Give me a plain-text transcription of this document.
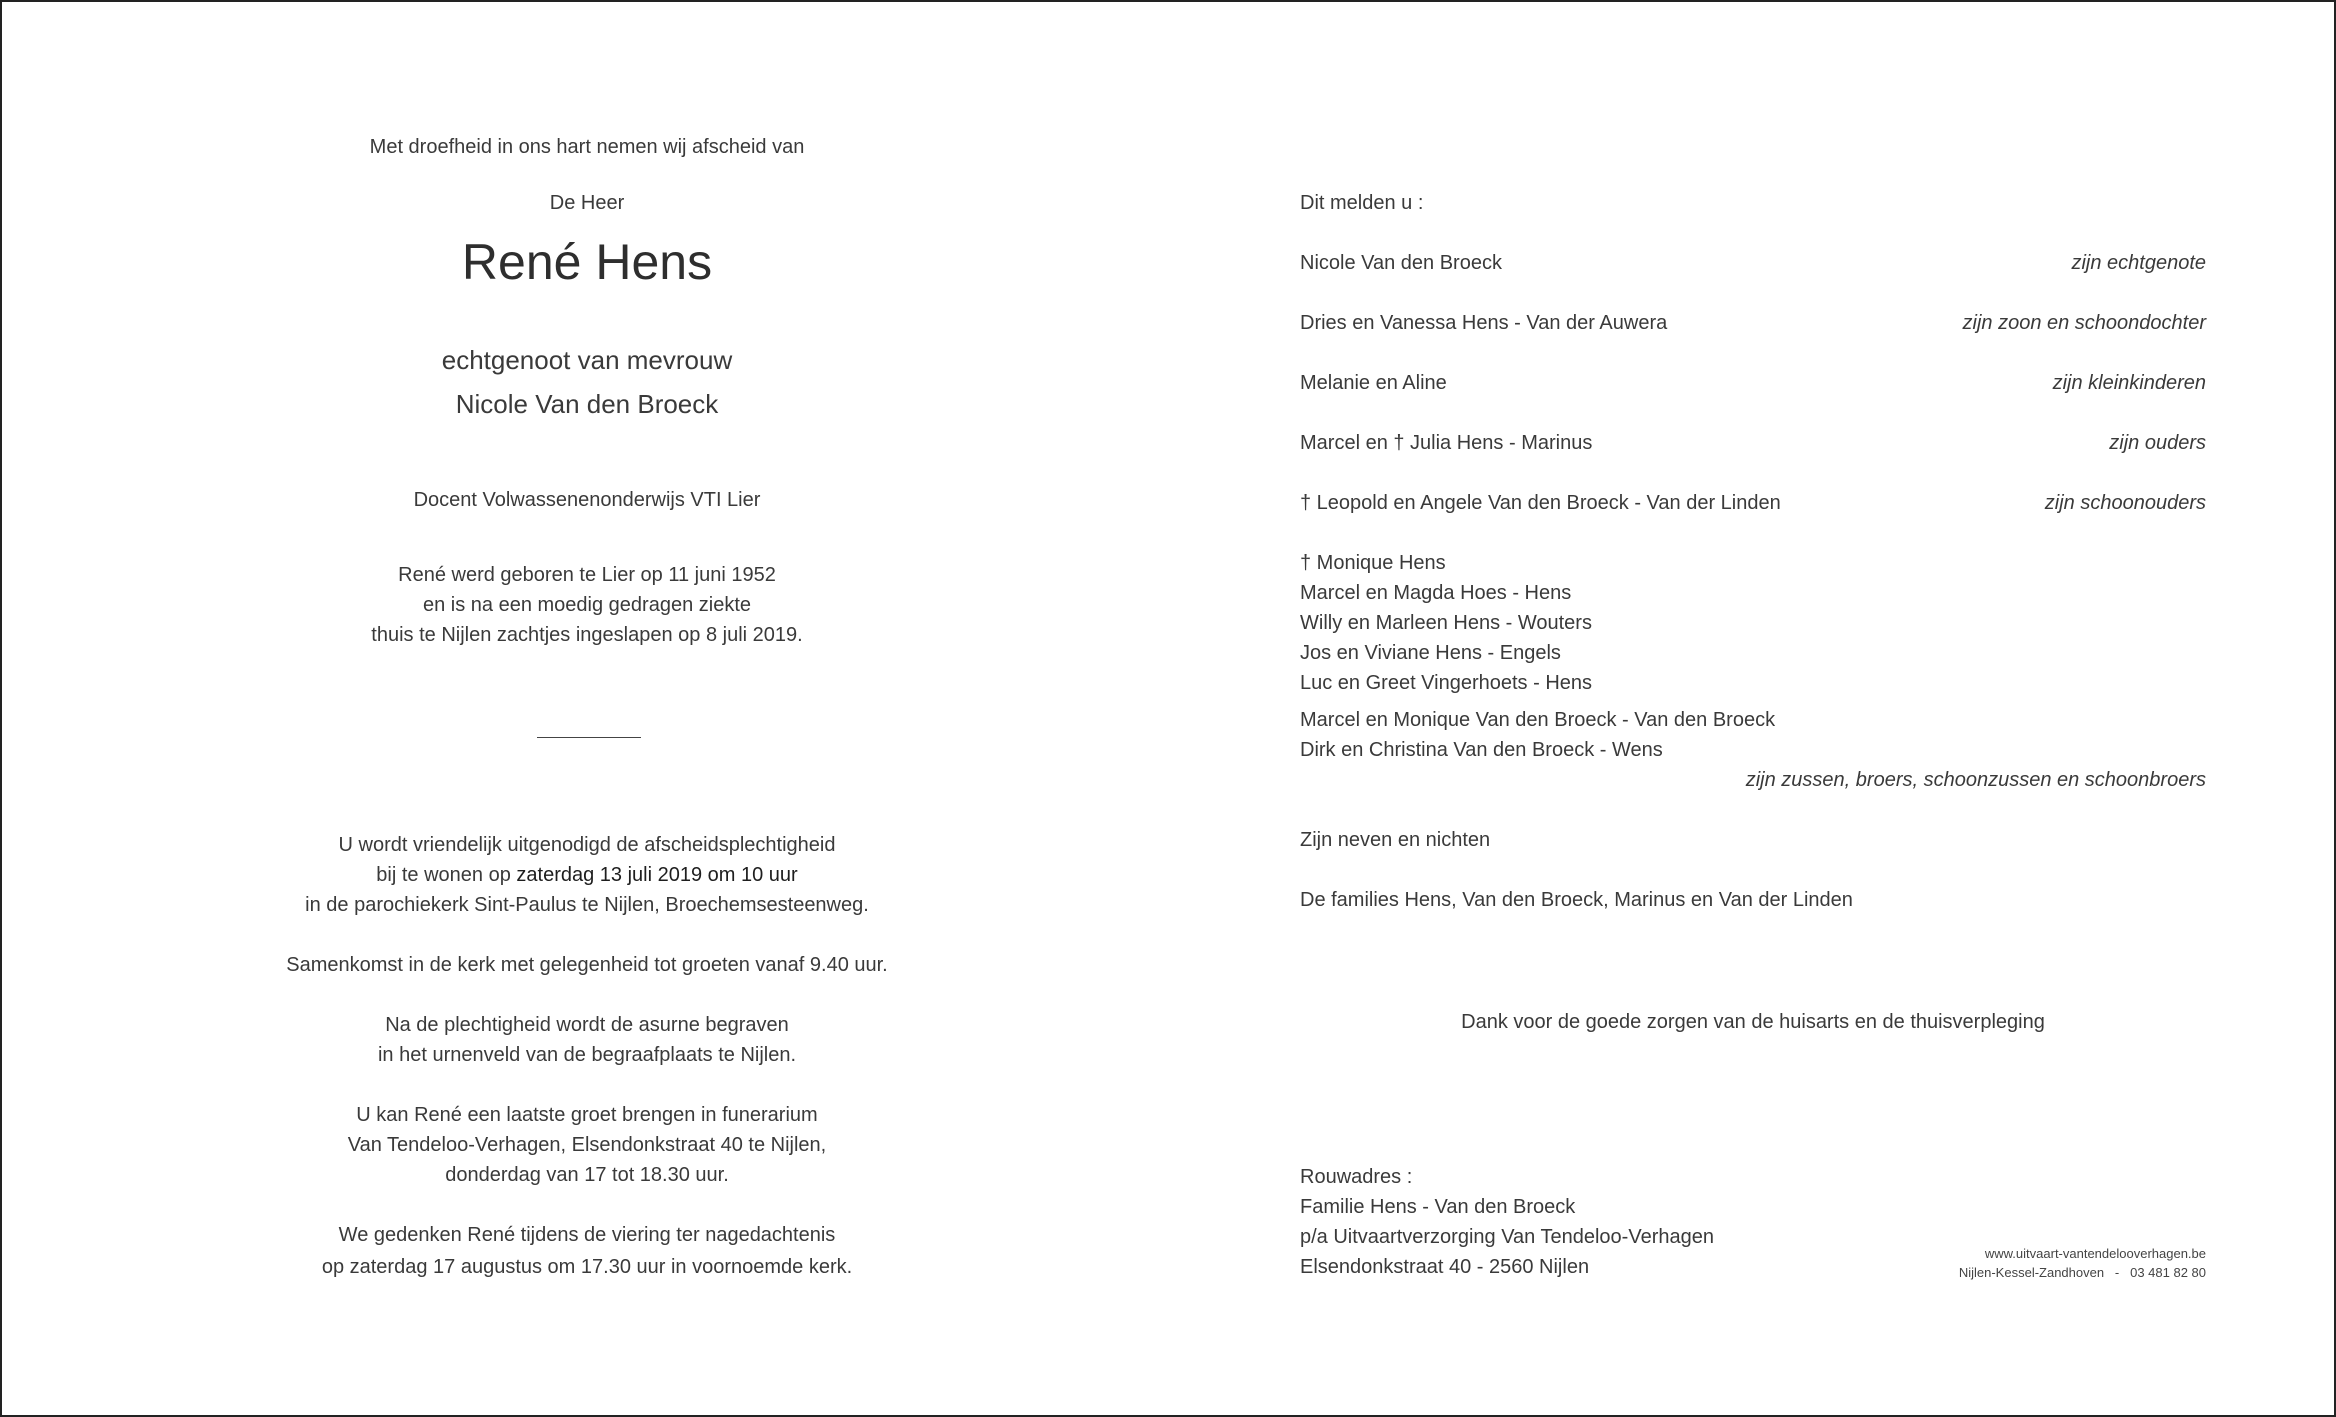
Met droefheid in ons hart nemen wij afscheid van
De Heer
René Hens
echtgenoot van mevrouw
Nicole Van den Broeck
Docent Volwassenenonderwijs VTI Lier
René werd geboren te Lier op 11 juni 1952
en is na een moedig gedragen ziekte
thuis te Nijlen zachtjes ingeslapen op 8 juli 2019.
U wordt vriendelijk uitgenodigd de afscheidsplechtigheid
bij te wonen op zaterdag 13 juli 2019 om 10 uur
in de parochiekerk Sint-Paulus te Nijlen, Broechemsesteenweg.
Samenkomst in de kerk met gelegenheid tot groeten vanaf 9.40 uur.
Na de plechtigheid wordt de asurne begraven
in het urnenveld van de begraafplaats te Nijlen.
U kan René een laatste groet brengen in funerarium
Van Tendeloo-Verhagen, Elsendonkstraat 40 te Nijlen,
donderdag van 17 tot 18.30 uur.
We gedenken René tijdens de viering ter nagedachtenis
op zaterdag 17 augustus om 17.30 uur in voornoemde kerk.
Dit melden u :
Nicole Van den Broeck	zijn echtgenote
Dries en Vanessa Hens - Van der Auwera	zijn zoon en schoondochter
Melanie en Aline	zijn kleinkinderen
Marcel en † Julia Hens - Marinus	zijn ouders
† Leopold en Angele Van den Broeck - Van der Linden	zijn schoonouders
† Monique Hens
Marcel en Magda Hoes - Hens
Willy en Marleen Hens - Wouters
Jos en Viviane Hens - Engels
Luc en Greet Vingerhoets - Hens
Marcel en Monique Van den Broeck - Van den Broeck
Dirk en Christina Van den Broeck - Wens
zijn zussen, broers, schoonzussen en schoonbroers
Zijn neven en nichten
De families Hens, Van den Broeck, Marinus en Van der Linden
Dank voor de goede zorgen van de huisarts en de thuisverpleging
Rouwadres :
Familie Hens - Van den Broeck
p/a Uitvaartverzorging Van Tendeloo-Verhagen
Elsendonkstraat 40 - 2560 Nijlen
www.uitvaart-vantendelooverhagen.be
Nijlen-Kessel-Zandhoven   -   03 481 82 80
